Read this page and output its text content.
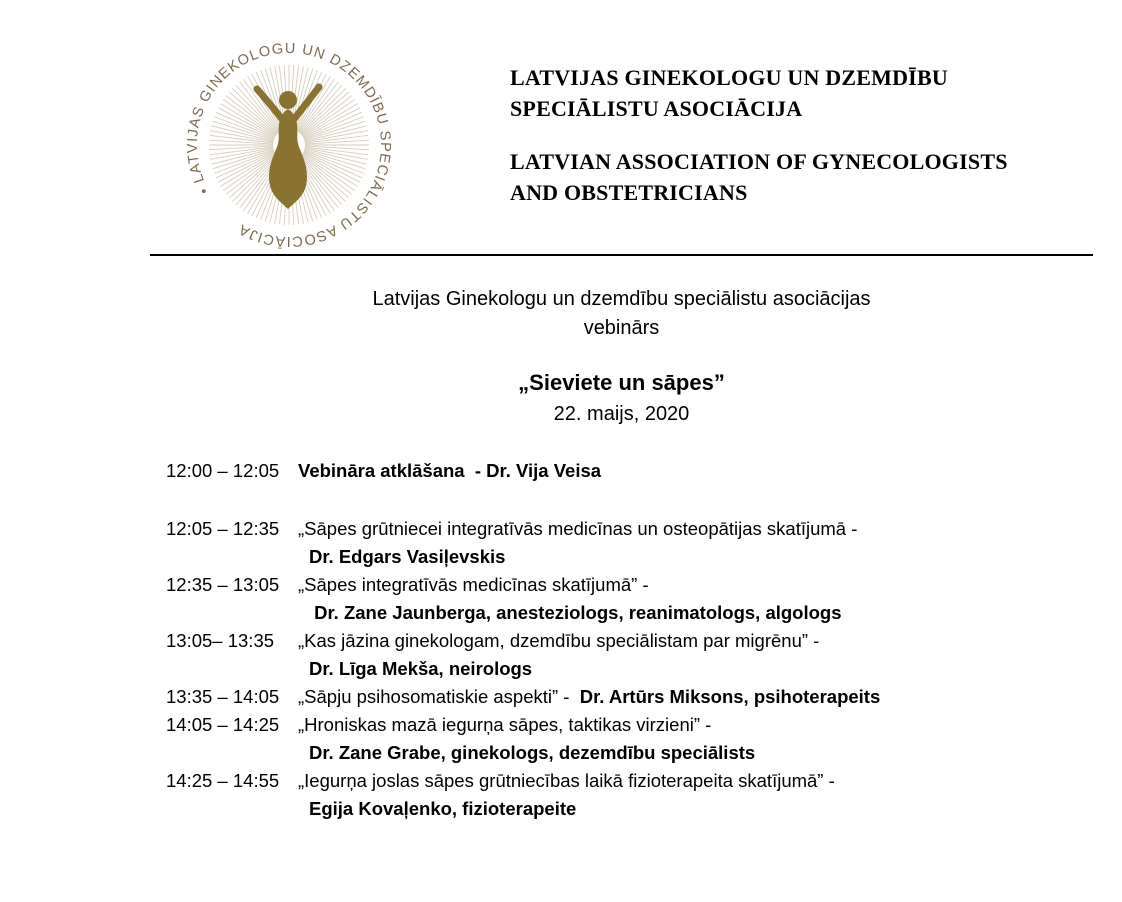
• LATVIJAS GINEKOLOGU UN DZEMDĪBU SPECIĀLISTU ASOCIĀCIJA
LATVIJAS GINEKOLOGU UN DZEMDĪBU
SPECIĀLISTU ASOCIĀCIJA
LATVIAN ASSOCIATION OF GYNECOLOGISTS
AND OBSTETRICIANS
Latvijas Ginekologu un dzemdību speciālistu asociācijas
vebinārs
„Sieviete un sāpes”
22. maijs, 2020
12:00 – 12:05	Vebināra atklāšana  - Dr. Vija Veisa
12:05 – 12:35	„Sāpes grūtniecei integratīvās medicīnas un osteopātijas skatījumā -
Dr. Edgars Vasiļevskis
12:35 – 13:05	„Sāpes integratīvās medicīnas skatījumā” -
Dr. Zane Jaunberga, anesteziologs, reanimatologs, algologs
13:05– 13:35	„Kas jāzina ginekologam, dzemdību speciālistam par migrēnu” -
Dr. Līga Mekša, neirologs
13:35 – 14:05	„Sāpju psihosomatiskie aspekti” -  Dr. Artūrs Miksons, psihoterapeits
14:05 – 14:25	„Hroniskas mazā iegurņa sāpes, taktikas virzieni” -
Dr. Zane Grabe, ginekologs, dezemdību speciālists
14:25 – 14:55	„Iegurņa joslas sāpes grūtniecības laikā fizioterapeita skatījumā” -
Egija Kovaļenko, fizioterapeite
